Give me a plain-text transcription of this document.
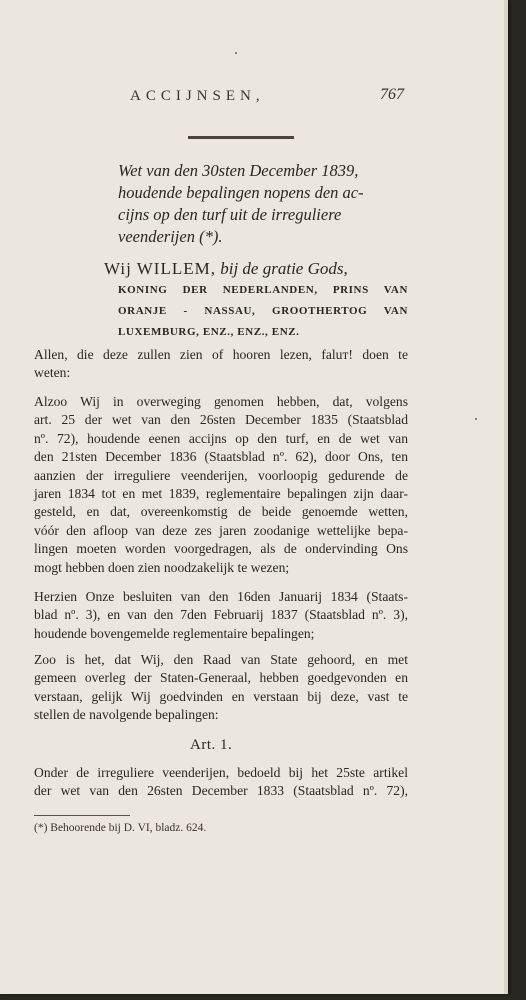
ACCIJNSEN,	767
Wet van den 30sten December 1839,
houdende bepalingen nopens den ac-
cijns op den turf uit de irreguliere
veenderijen (*).
Wij WILLEM, bij de gratie Gods,
KONING DER NEDERLANDEN, PRINS VAN
ORANJE - NASSAU, GROOTHERTOG VAN
LUXEMBURG, ENZ., ENZ., ENZ.
Allen, die deze zullen zien of hooren lezen, faluт! doen te
weten:
Alzoo Wij in overweging genomen hebben, dat, volgens
art. 25 der wet van den 26sten December 1835 (Staatsblad
nº. 72), houdende eenen accijns op den turf, en de wet van
den 21sten December 1836 (Staatsblad nº. 62), door Ons, ten
aanzien der irreguliere veenderijen, voorloopig gedurende de
jaren 1834 tot en met 1839, reglementaire bepalingen zijn daar-
gesteld, en dat, overeenkomstig de beide genoemde wetten,
vóór den afloop van deze zes jaren zoodanige wettelijke bepa-
lingen moeten worden voorgedragen, als de ondervinding Ons
mogt hebben doen zien noodzakelijk te wezen;
Herzien Onze besluiten van den 16den Januarij 1834 (Staats-
blad nº. 3), en van den 7den Februarij 1837 (Staatsblad nº. 3),
houdende bovengemelde reglementaire bepalingen;
Zoo is het, dat Wij, den Raad van State gehoord, en met
gemeen overleg der Staten-Generaal, hebben goedgevonden en
verstaan, gelijk Wij goedvinden en verstaan bij deze, vast te
stellen de navolgende bepalingen:
Art. 1.
Onder de irreguliere veenderijen, bedoeld bij het 25ste artikel
der wet van den 26sten December 1833 (Staatsblad nº. 72),
(*) Behoorende bij D. VI, bladz. 624.
